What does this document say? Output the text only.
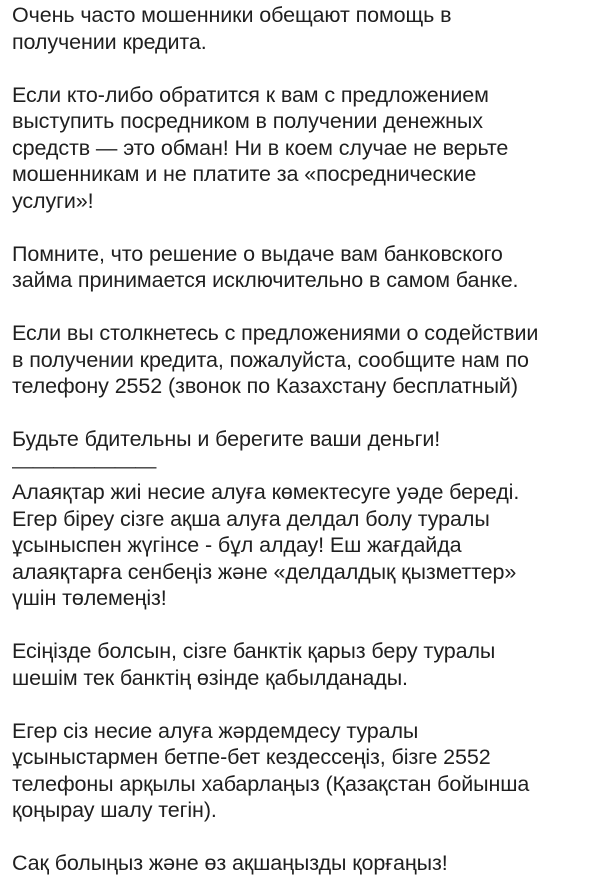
Очень часто мошенники обещают помощь в
получении кредита.

Если кто-либо обратится к вам с предложением
выступить посредником в получении денежных
средств — это обман! Ни в коем случае не верьте
мошенникам и не платите за «посреднические
услуги»!

Помните, что решение о выдаче вам банковского
займа принимается исключительно в самом банке.

Если вы столкнетесь с предложениями о содействии
в получении кредита, пожалуйста, сообщите нам по
телефону 2552 (звонок по Казахстану бесплатный)

Будьте бдительны и берегите ваши деньги!

———————

Алаяқтар жиі несие алуға көмектесуге уәде береді.
Егер біреу сізге ақша алуға делдал болу туралы
ұсыныспен жүгінсе - бұл алдау! Еш жағдайда
алаяқтарға сенбеңіз және «делдалдық қызметтер»
үшін төлемеңіз!

Есіңізде болсын, сізге банктік қарыз беру туралы
шешім тек банктің өзінде қабылданады.

Егер сіз несие алуға жәрдемдесу туралы
ұсыныстармен бетпе-бет кездессеңіз, бізге 2552
телефоны арқылы хабарлаңыз (Қазақстан бойынша
қоңырау шалу тегін).

Сақ болыңыз және өз ақшаңызды қорғаңыз!
